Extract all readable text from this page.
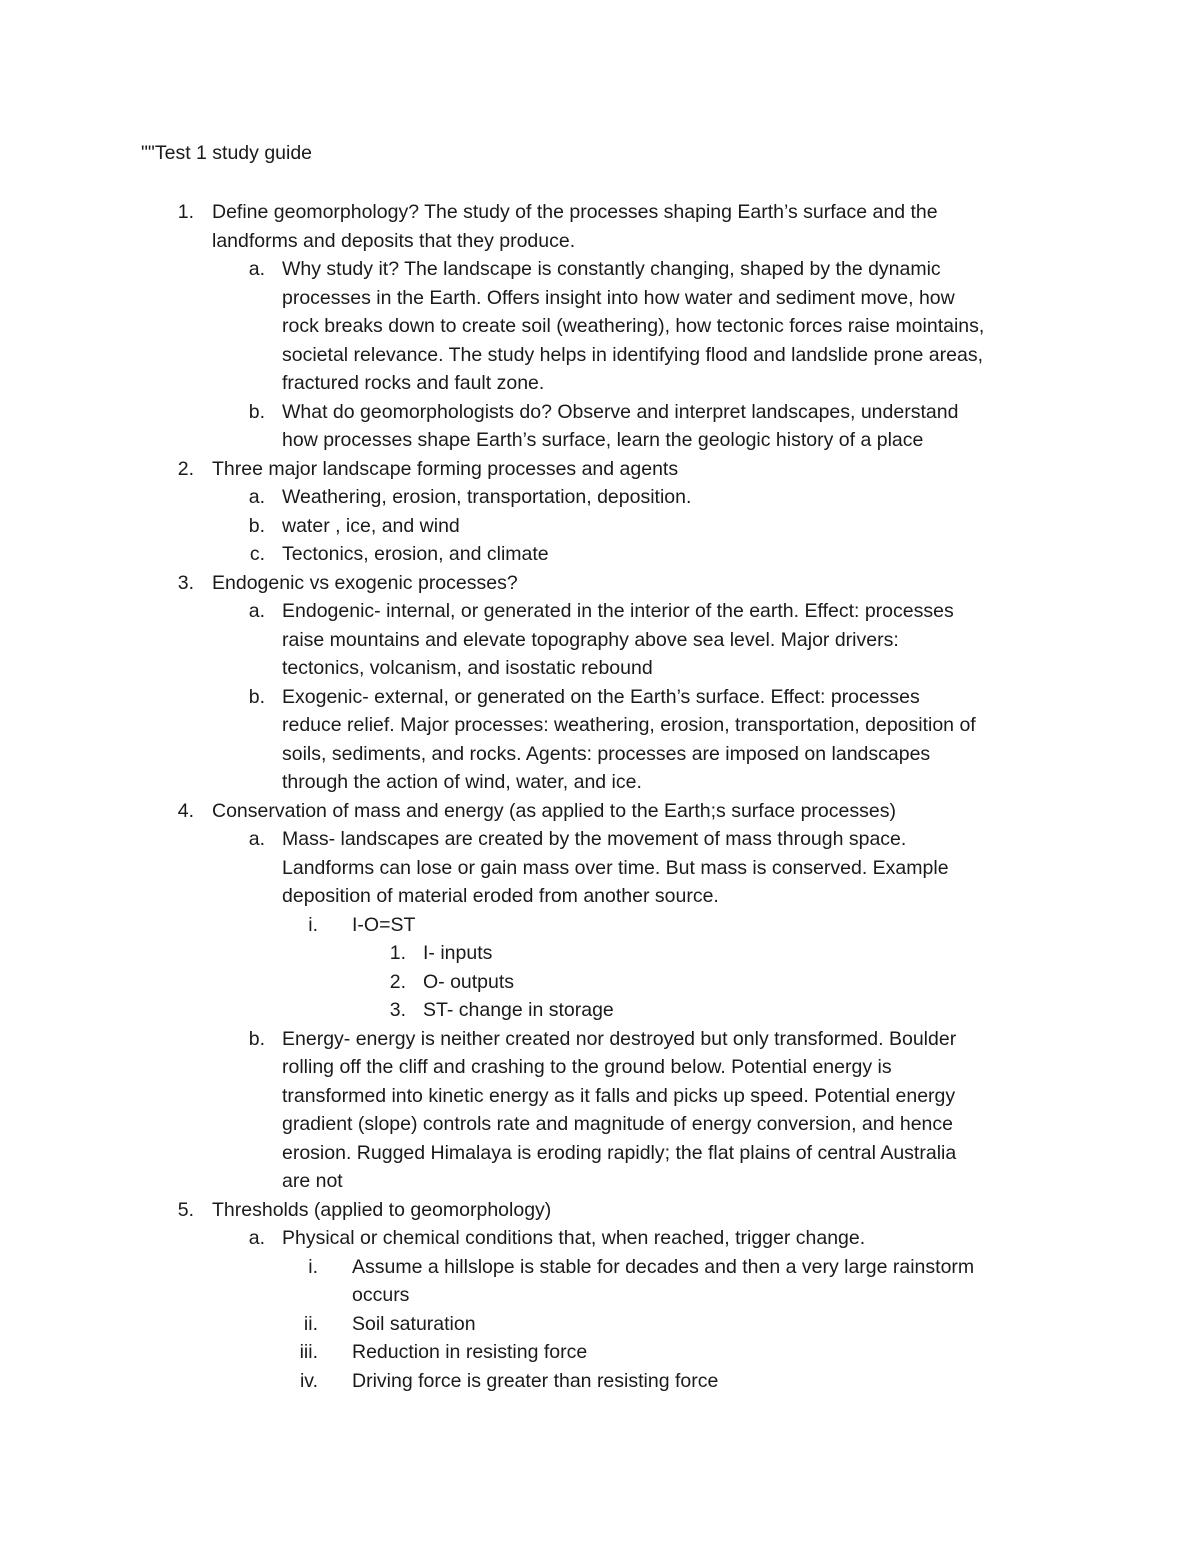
""Test 1 study guide
1. Define geomorphology? The study of the processes shaping Earth’s surface and the
landforms and deposits that they produce.
a. Why study it? The landscape is constantly changing, shaped by the dynamic
processes in the Earth. Offers insight into how water and sediment move, how
rock breaks down to create soil (weathering), how tectonic forces raise mointains,
societal relevance. The study helps in identifying flood and landslide prone areas,
fractured rocks and fault zone.
b. What do geomorphologists do? Observe and interpret landscapes, understand
how processes shape Earth’s surface, learn the geologic history of a place
2. Three major landscape forming processes and agents
a. Weathering, erosion, transportation, deposition.
b. water , ice, and wind
c. Tectonics, erosion, and climate
3. Endogenic vs exogenic processes?
a. Endogenic- internal, or generated in the interior of the earth. Effect: processes
raise mountains and elevate topography above sea level. Major drivers:
tectonics, volcanism, and isostatic rebound
b. Exogenic- external, or generated on the Earth’s surface. Effect: processes
reduce relief. Major processes: weathering, erosion, transportation, deposition of
soils, sediments, and rocks. Agents: processes are imposed on landscapes
through the action of wind, water, and ice.
4. Conservation of mass and energy (as applied to the Earth;s surface processes)
a. Mass- landscapes are created by the movement of mass through space.
Landforms can lose or gain mass over time. But mass is conserved. Example
deposition of material eroded from another source.
i. I-O=ST
1. I- inputs
2. O- outputs
3. ST- change in storage
b. Energy- energy is neither created nor destroyed but only transformed. Boulder
rolling off the cliff and crashing to the ground below. Potential energy is
transformed into kinetic energy as it falls and picks up speed. Potential energy
gradient (slope) controls rate and magnitude of energy conversion, and hence
erosion. Rugged Himalaya is eroding rapidly; the flat plains of central Australia
are not
5. Thresholds (applied to geomorphology)
a. Physical or chemical conditions that, when reached, trigger change.
i. Assume a hillslope is stable for decades and then a very large rainstorm
occurs
ii. Soil saturation
iii. Reduction in resisting force
iv. Driving force is greater than resisting force
